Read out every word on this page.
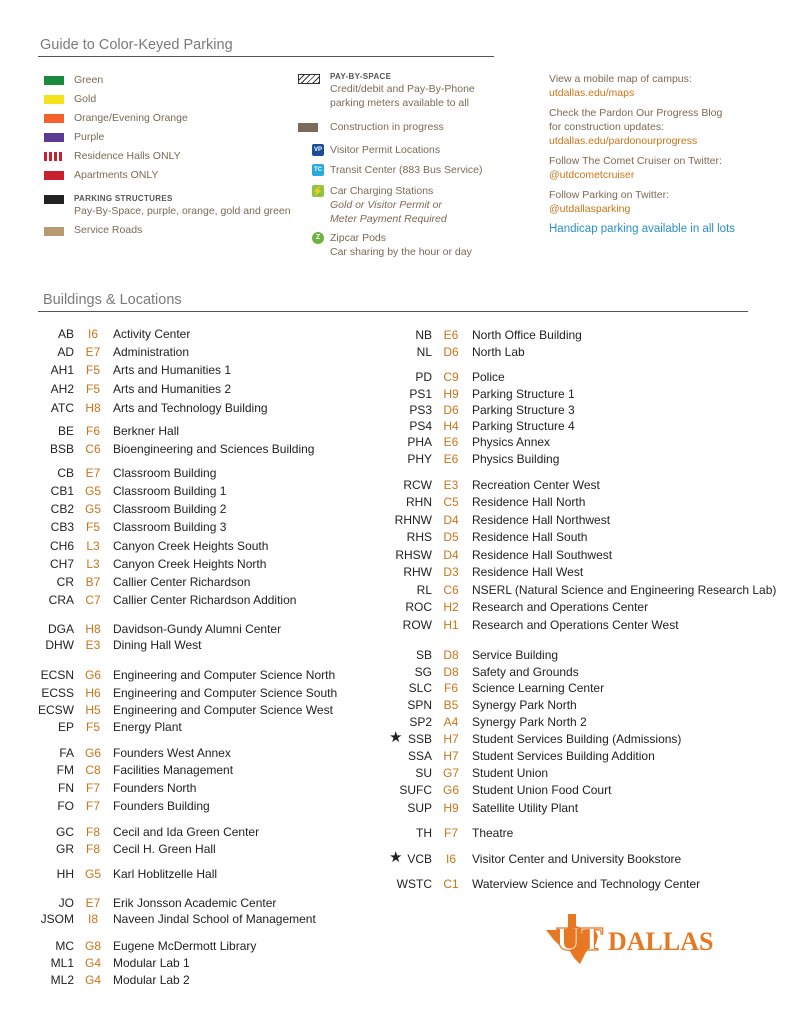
Guide to Color-Keyed Parking
Green
Gold
Orange/Evening Orange
Purple
Residence Halls ONLY
Apartments ONLY
PARKING STRUCTURES
Pay-By-Space, purple, orange, gold and green
Service Roads
PAY-BY-SPACE
Credit/debit and Pay-By-Phone
parking meters available to all
Construction in progress
VP Visitor Permit Locations
TC Transit Center (883 Bus Service)
⚡ Car Charging Stations
Gold or Visitor Permit or
Meter Payment Required
Z Zipcar Pods
Car sharing by the hour or day
View a mobile map of campus:
utdallas.edu/maps
Check the Pardon Our Progress Blog
for construction updates:
utdallas.edu/pardonourprogress
Follow The Comet Cruiser on Twitter:
@utdcometcruiser
Follow Parking on Twitter:
@utdallasparking
Handicap parking available in all lots
Buildings & Locations
AB	I6	Activity Center
AD E7	Administration
AH1 F5	Arts and Humanities 1
AH2 F5	Arts and Humanities 2
ATC H8	Arts and Technology Building
BE F6	Berkner Hall
BSB C6	Bioengineering and Sciences Building
CB E7	Classroom Building
CB1 G5	Classroom Building 1
CB2 G5	Classroom Building 2
CB3 F5	Classroom Building 3
CH6	L3	Canyon Creek Heights South
CH7	L3	Canyon Creek Heights North
CR B7	Callier Center Richardson
CRA C7	Callier Center Richardson Addition
DGA H8	Davidson-Gundy Alumni Center
DHW E3	Dining Hall West
ECSN G6	Engineering and Computer Science North
ECSS H6	Engineering and Computer Science South
ECSW H5	Engineering and Computer Science West
EP F5	Energy Plant
FA G6	Founders West Annex
FM C8	Facilities Management
FN F7	Founders North
FO F7	Founders Building
GC F8	Cecil and Ida Green Center
GR F8	Cecil H. Green Hall
HH G5	Karl Hoblitzelle Hall
JO E7	Erik Jonsson Academic Center
JSOM	I8	Naveen Jindal School of Management
MC G8	Eugene McDermott Library
ML1 G4	Modular Lab 1
ML2 G4	Modular Lab 2
NB E6	North Office Building
NL D6	North Lab
PD C9	Police
PS1 H9	Parking Structure 1
PS3 D6	Parking Structure 3
PS4 H4	Parking Structure 4
PHA E6	Physics Annex
PHY E6	Physics Building
RCW E3	Recreation Center West
RHN C5	Residence Hall North
RHNW D4	Residence Hall Northwest
RHS D5	Residence Hall South
RHSW D4	Residence Hall Southwest
RHW D3	Residence Hall West
RL C6	NSERL (Natural Science and Engineering Research Lab)
ROC H2	Research and Operations Center
ROW H1	Research and Operations Center West
SB D8	Service Building
SG D8	Safety and Grounds
SLC F6	Science Learning Center
SPN B5	Synergy Park North
SP2 A4	Synergy Park North 2
SSB H7	Student Services Building (Admissions)
★
SSA H7	Student Services Building Addition
SU G7	Student Union
SUFC G6	Student Union Food Court
SUP H9	Satellite Utility Plant
TH F7	Theatre
VCB	I6	Visitor Center and University Bookstore
★
WSTC C1	Waterview Science and Technology Center
UT DALLAS
